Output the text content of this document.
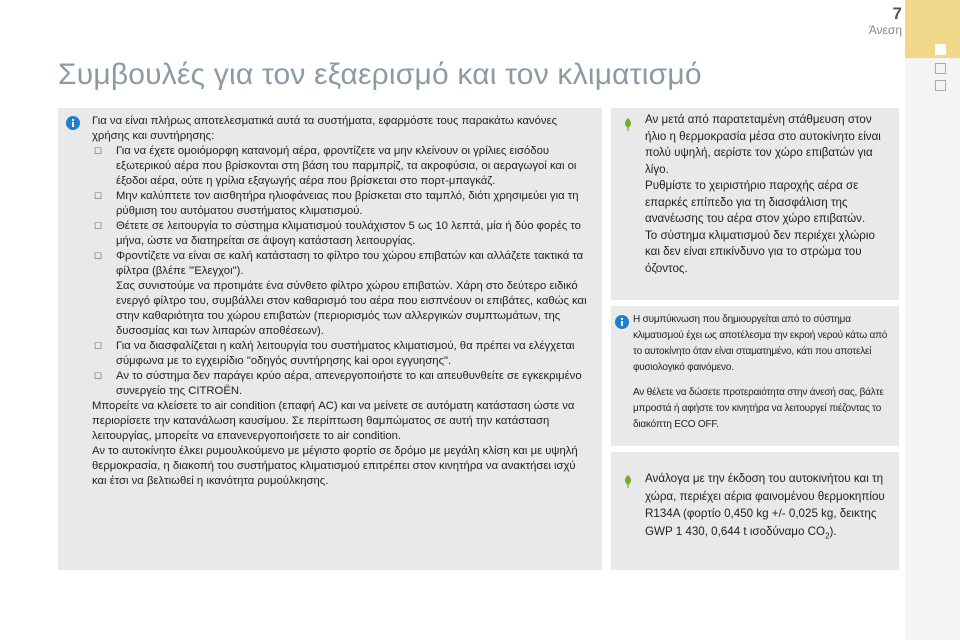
7
Άνεση
Συμβουλές για τον εξαερισμό και τον κλιματισμό

Για να είναι πλήρως αποτελεσματικά αυτά τα συστήματα, εφαρμόστε τους παρακάτω κανόνες χρήσης και συντήρησης:

☐ Για να έχετε ομοιόμορφη κατανομή αέρα, φροντίζετε να μην κλείνουν οι γρίλιες εισόδου εξωτερικού αέρα που βρίσκονται στη βάση του παρμπρίζ, τα ακροφύσια, οι αεραγωγοί και οι έξοδοι αέρα, ούτε η γρίλια εξαγωγής αέρα που βρίσκεται στο πορτ-μπαγκάζ.
☐ Μην καλύπτετε τον αισθητήρα ηλιοφάνειας που βρίσκεται στο ταμπλό, διότι χρησιμεύει για τη ρύθμιση του αυτόματου συστήματος κλιματισμού.
☐ Θέτετε σε λειτουργία το σύστημα κλιματισμού τουλάχιστον 5 ως 10 λεπτά, μία ή δύο φορές το μήνα, ώστε να διατηρείται σε άψογη κατάσταση λειτουργίας.
☐ Φροντίζετε να είναι σε καλή κατάσταση το φίλτρο του χώρου επιβατών και αλλάζετε τακτικά τα φίλτρα (βλέπε "Έλεγχοι").
Σας συνιστούμε να προτιμάτε ένα σύνθετο φίλτρο χώρου επιβατών. Χάρη στο δεύτερο ειδικό ενεργό φίλτρο του, συμβάλλει στον καθαρισμό του αέρα που εισπνέουν οι επιβάτες, καθώς και στην καθαριότητα του χώρου επιβατών (περιορισμός των αλλεργικών συμπτωμάτων, της δυσοσμίας και των λιπαρών αποθέσεων).
☐ Για να διασφαλίζεται η καλή λειτουργία του συστήματος κλιματισμού, θα πρέπει να ελέγχεται σύμφωνα με το εγχειρίδιο "οδηγός συντήρησης kai οροι εγγυησης".
☐ Αν το σύστημα δεν παράγει κρύο αέρα, απενεργοποιήστε το και απευθυνθείτε σε εγκεκριμένο συνεργείο της CITROËN.

Μπορείτε να κλείσετε το air condition (επαφή AC) και να μείνετε σε αυτόματη κατάσταση ώστε να περιορίσετε την κατανάλωση καυσίμου. Σε περίπτωση θαμπώματος σε αυτή την κατάσταση λειτουργίας, μπορείτε να επανενεργοποιήσετε το air condition.

Αν το αυτοκίνητο έλκει ρυμουλκούμενο με μέγιστο φορτίο σε δρόμο με μεγάλη κλίση και με υψηλή θερμοκρασία, η διακοπή του συστήματος κλιματισμού επιτρέπει στον κινητήρα να ανακτήσει ισχύ και έτσι να βελτιωθεί η ικανότητα ρυμούλκησης.

Αν μετά από παρατεταμένη στάθμευση στον ήλιο η θερμοκρασία μέσα στο αυτοκίνητο είναι πολύ υψηλή, αερίστε τον χώρο επιβατών για λίγο.

Ρυθμίστε το χειριστήριο παροχής αέρα σε επαρκές επίπεδο για τη διασφάλιση της ανανέωσης του αέρα στον χώρο επιβατών.

Το σύστημα κλιματισμού δεν περιέχει χλώριο και δεν είναι επικίνδυνο για το στρώμα του όζοντος.

Η συμπύκνωση που δημιουργείται από το σύστημα κλιματισμού έχει ως αποτέλεσμα την εκροή νερού κάτω από το αυτοκίνητο όταν είναι σταματημένο, κάτι που αποτελεί φυσιολογικό φαινόμενο.

Αν θέλετε να δώσετε προτεραιότητα στην άνεσή σας, βάλτε μπροστά ή αφήστε τον κινητήρα να λειτουργεί πιέζοντας το διακόπτη ECO OFF.

Ανάλογα με την έκδοση του αυτοκινήτου και τη χώρα, περιέχει αέρια φαινομένου θερμοκηπίου R134A (φορτίο 0,450 kg +/- 0,025 kg, δεικτης GWP 1 430, 0,644 t ισοδύναμο $CO_2$).
